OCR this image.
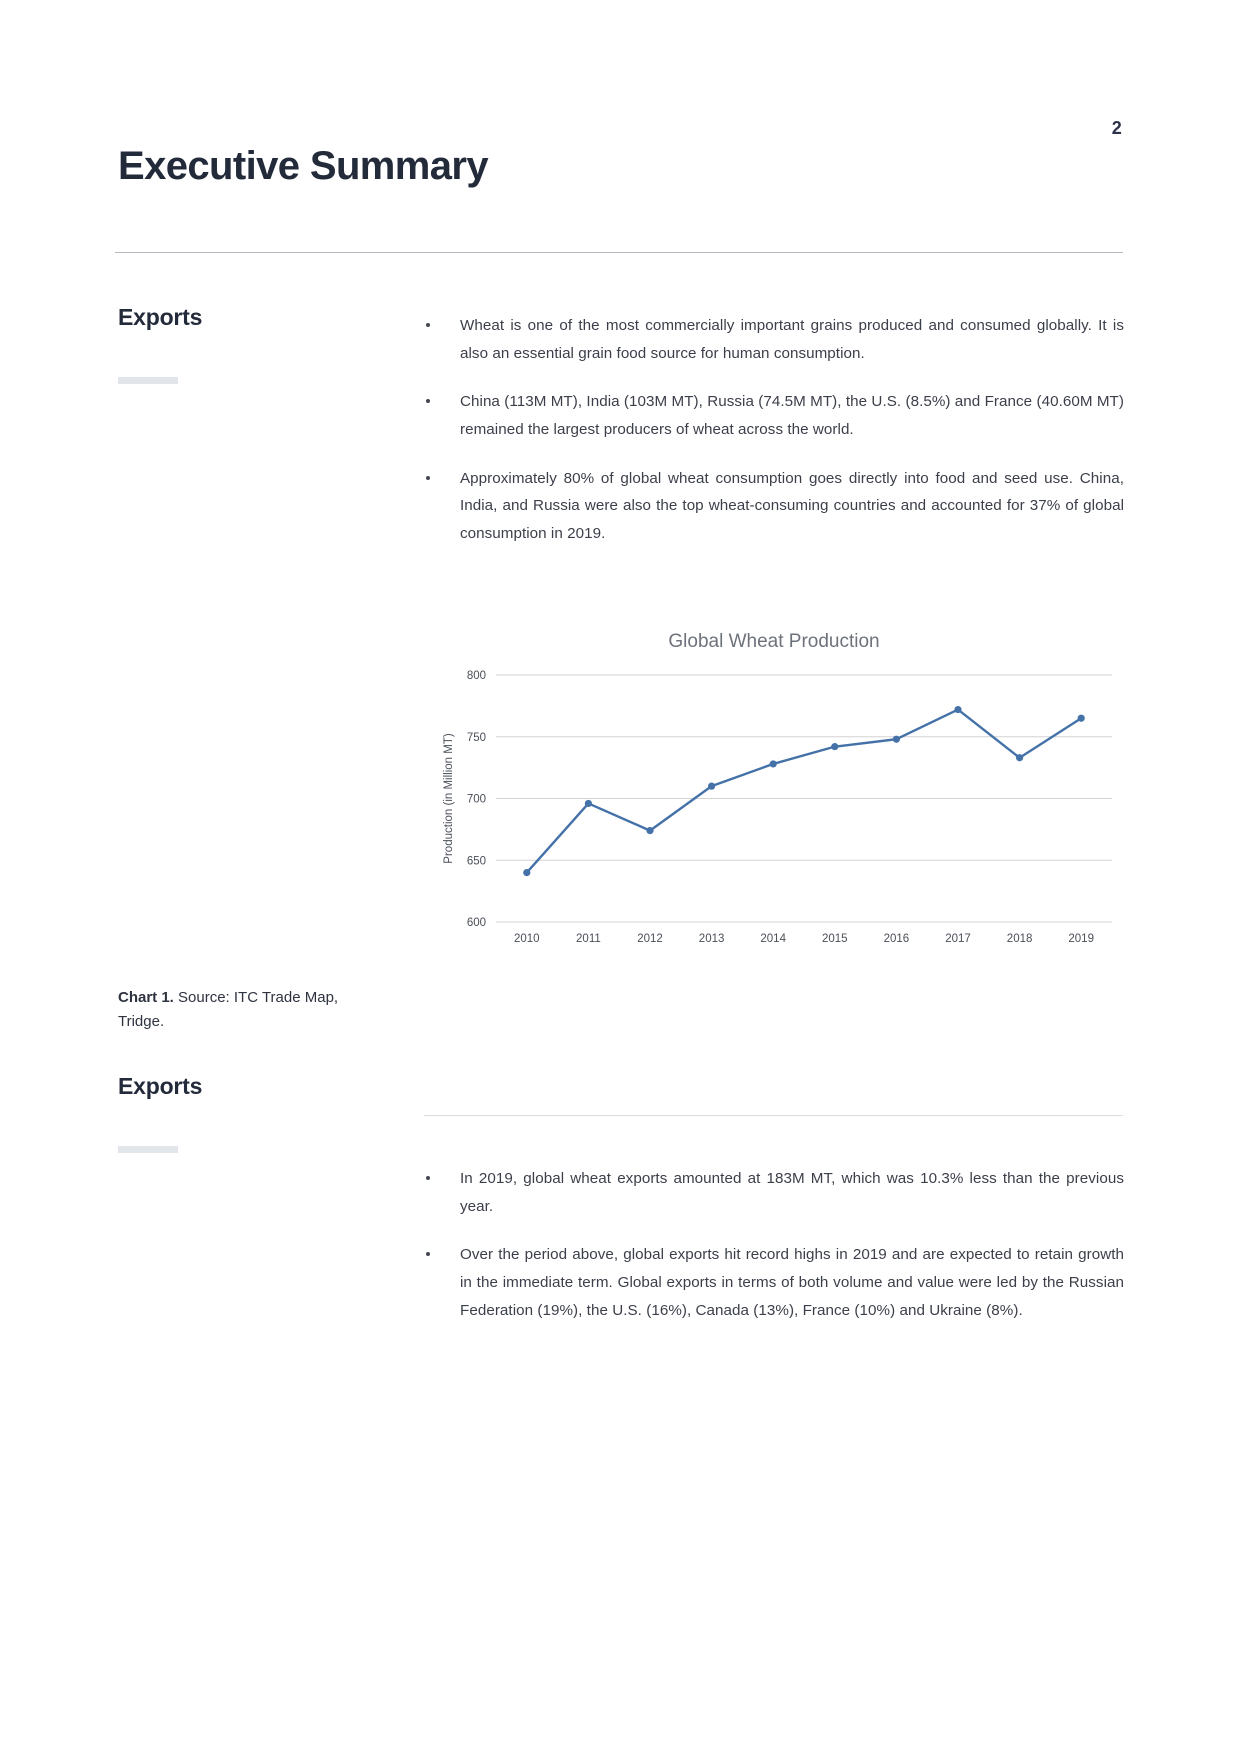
2
Executive Summary
Exports	Wheat is one of the most commercially important grains produced and consumed globally. It is also an essential grain food source for human consumption.
China (113M MT), India (103M MT), Russia (74.5M MT), the U.S. (8.5%) and France (40.60M MT) remained the largest producers of wheat across the world.
Approximately 80% of global wheat consumption goes directly into food and seed use. China, India, and Russia were also the top wheat-consuming countries and accounted for 37% of global consumption in 2019.
Global Wheat Production
600
650
700
750
800
Production (in Million MT)
2010	2011	2012	2013	2014	2015	2016	2017	2018	2019
Chart 1. Source: ITC Trade Map, Tridge.
Exports
In 2019, global wheat exports amounted at 183M MT, which was 10.3% less than the previous year.
Over the period above, global exports hit record highs in 2019 and are expected to retain growth in the immediate term. Global exports in terms of both volume and value were led by the Russian Federation (19%), the U.S. (16%), Canada (13%), France (10%) and Ukraine (8%).
